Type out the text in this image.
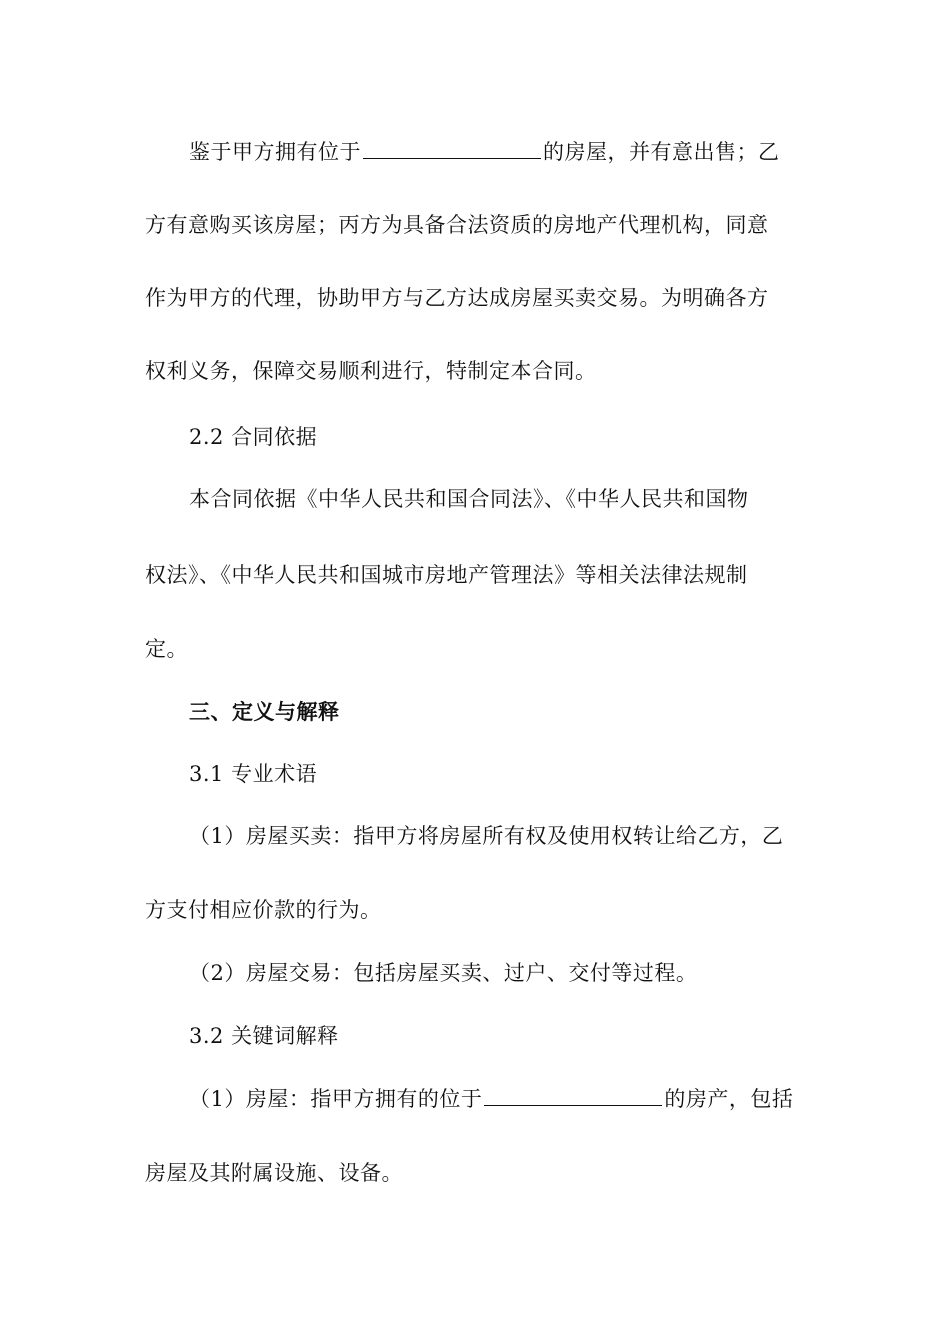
鉴于甲方拥有位于	的房屋，并有意出售；乙
方有意购买该房屋；丙方为具备合法资质的房地产代理机构，同意
作为甲方的代理，协助甲方与乙方达成房屋买卖交易。为明确各方
权利义务，保障交易顺利进行，特制定本合同。
2.2 合同依据
本合同依据《中华人民共和国合同法》、《中华人民共和国物
权法》、《中华人民共和国城市房地产管理法》等相关法律法规制
定。
三、定义与解释
3.1 专业术语
（1）房屋买卖：指甲方将房屋所有权及使用权转让给乙方，乙
方支付相应价款的行为。
（2）房屋交易：包括房屋买卖、过户、交付等过程。
3.2 关键词解释
（1）房屋：指甲方拥有的位于	的房产，包括
房屋及其附属设施、设备。
